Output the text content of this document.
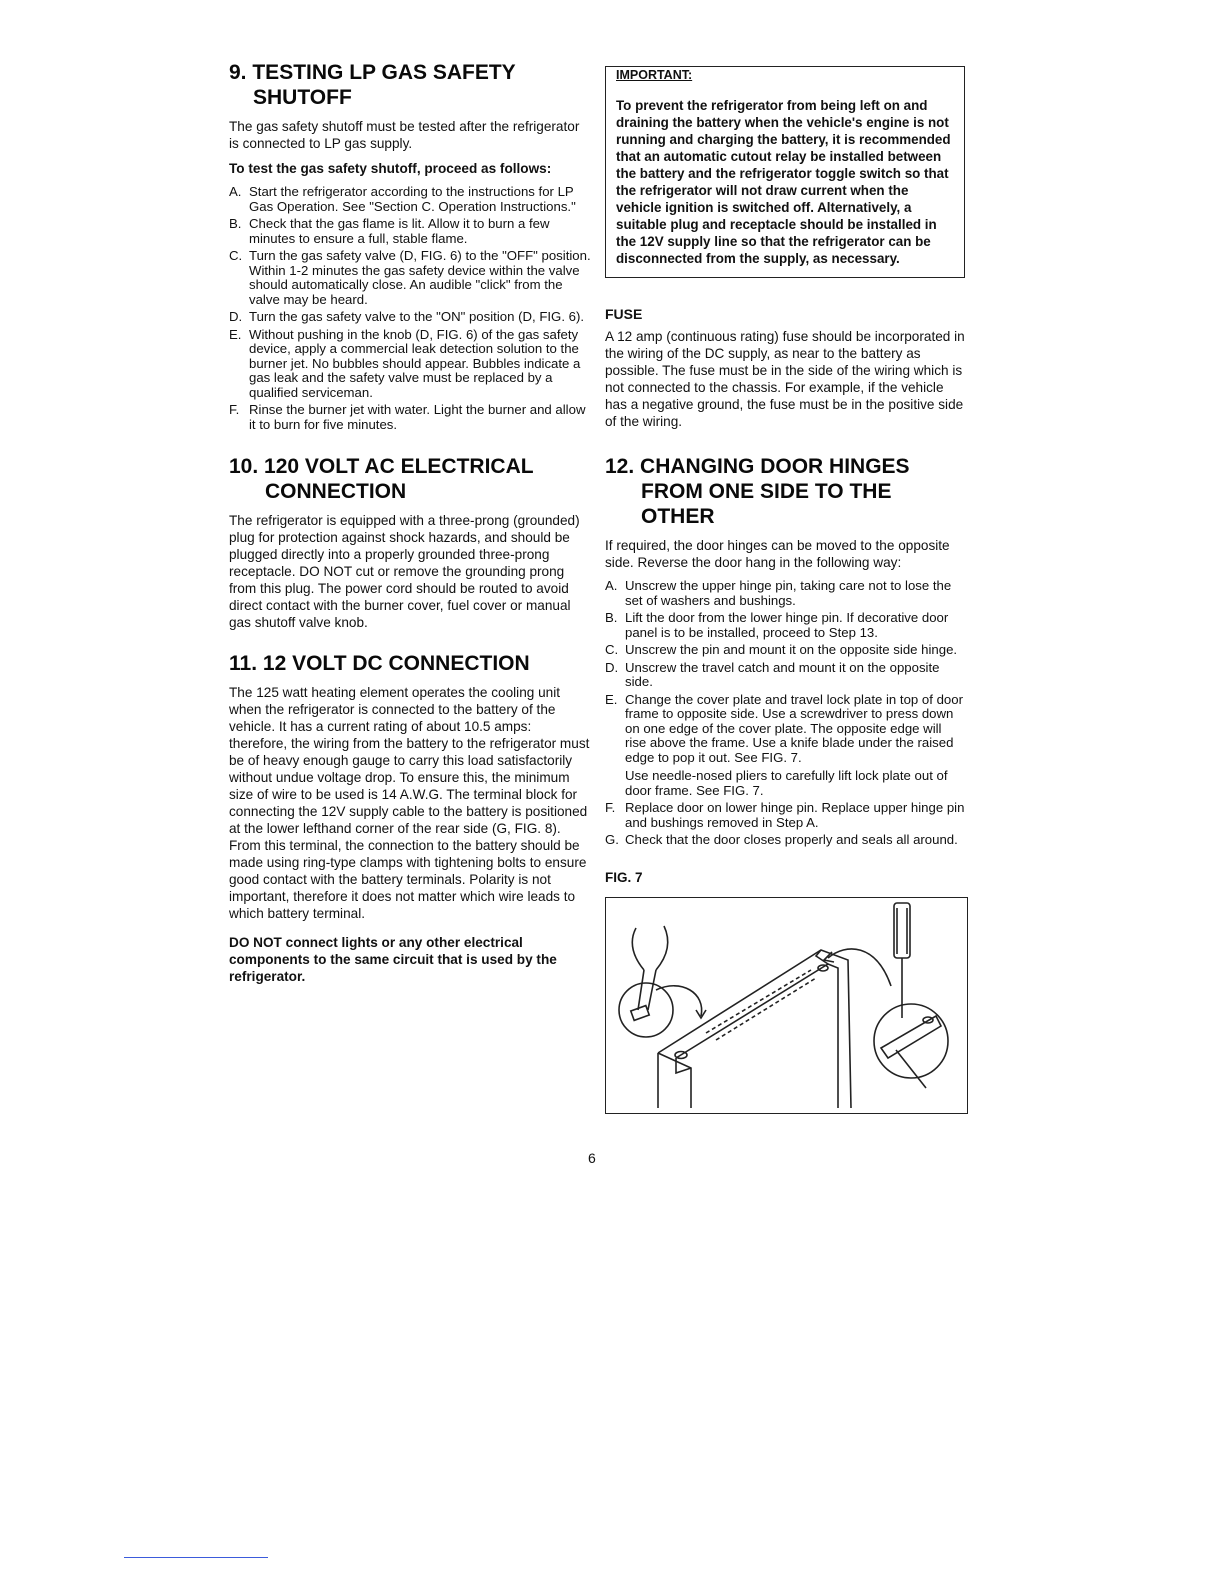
9. TESTING LP GAS SAFETY
SHUTOFF

The gas safety shutoff must be tested after the refrigerator is connected to LP gas supply.

To test the gas safety shutoff, proceed as follows:

A. Start the refrigerator according to the instructions for LP Gas Operation. See "Section C. Operation Instructions."
B. Check that the gas flame is lit. Allow it to burn a few minutes to ensure a full, stable flame.
C. Turn the gas safety valve (D, FIG. 6) to the "OFF" position. Within 1-2 minutes the gas safety device within the valve should automatically close. An audible "click" from the valve may be heard.
D. Turn the gas safety valve to the "ON" position (D, FIG. 6).
E. Without pushing in the knob (D, FIG. 6) of the gas safety device, apply a commercial leak detection solution to the burner jet. No bubbles should appear. Bubbles indicate a gas leak and the safety valve must be replaced by a qualified serviceman.
F. Rinse the burner jet with water. Light the burner and allow it to burn for five minutes.
10. 120 VOLT AC ELECTRICAL
CONNECTION

The refrigerator is equipped with a three-prong (grounded) plug for protection against shock hazards, and should be plugged directly into a properly grounded three-prong receptacle. DO NOT cut or remove the grounding prong from this plug. The power cord should be routed to avoid direct contact with the burner cover, fuel cover or manual gas shutoff valve knob.

11. 12 VOLT DC CONNECTION

The 125 watt heating element operates the cooling unit when the refrigerator is connected to the battery of the vehicle. It has a current rating of about 10.5 amps: therefore, the wiring from the battery to the refrigerator must be of heavy enough gauge to carry this load satisfactorily without undue voltage drop. To ensure this, the minimum size of wire to be used is 14 A.W.G. The terminal block for connecting the 12V supply cable to the battery is positioned at the lower lefthand corner of the rear side (G, FIG. 8). From this terminal, the connection to the battery should be made using ring-type clamps with tightening bolts to ensure good contact with the battery terminals. Polarity is not important, therefore it does not matter which wire leads to which battery terminal.

DO NOT connect lights or any other electrical components to the same circuit that is used by the refrigerator.

IMPORTANT:

To prevent the refrigerator from being left on and draining the battery when the vehicle's engine is not running and charging the battery, it is recommended that an automatic cutout relay be installed between the battery and the refrigerator toggle switch so that the refrigerator will not draw current when the vehicle ignition is switched off. Alternatively, a suitable plug and receptacle should be installed in the 12V supply line so that the refrigerator can be disconnected from the supply, as necessary.

FUSE

A 12 amp (continuous rating) fuse should be incorporated in the wiring of the DC supply, as near to the battery as possible. The fuse must be in the side of the wiring which is not connected to the chassis. For example, if the vehicle has a negative ground, the fuse must be in the positive side of the wiring.

12. CHANGING DOOR HINGES
FROM ONE SIDE TO THE OTHER

If required, the door hinges can be moved to the opposite side. Reverse the door hang in the following way:

A. Unscrew the upper hinge pin, taking care not to lose the set of washers and bushings.
B. Lift the door from the lower hinge pin. If decorative door panel is to be installed, proceed to Step 13.
C. Unscrew the pin and mount it on the opposite side hinge.
D. Unscrew the travel catch and mount it on the opposite side.
E. Change the cover plate and travel lock plate in top of door frame to opposite side. Use a screwdriver to press down on one edge of the cover plate. The opposite edge will rise above the frame. Use a knife blade under the raised edge to pop it out. See FIG. 7.
Use needle-nosed pliers to carefully lift lock plate out of door frame. See FIG. 7.
F. Replace door on lower hinge pin. Replace upper hinge pin and bushings removed in Step A.
G. Check that the door closes properly and seals all around.

FIG. 7

6
